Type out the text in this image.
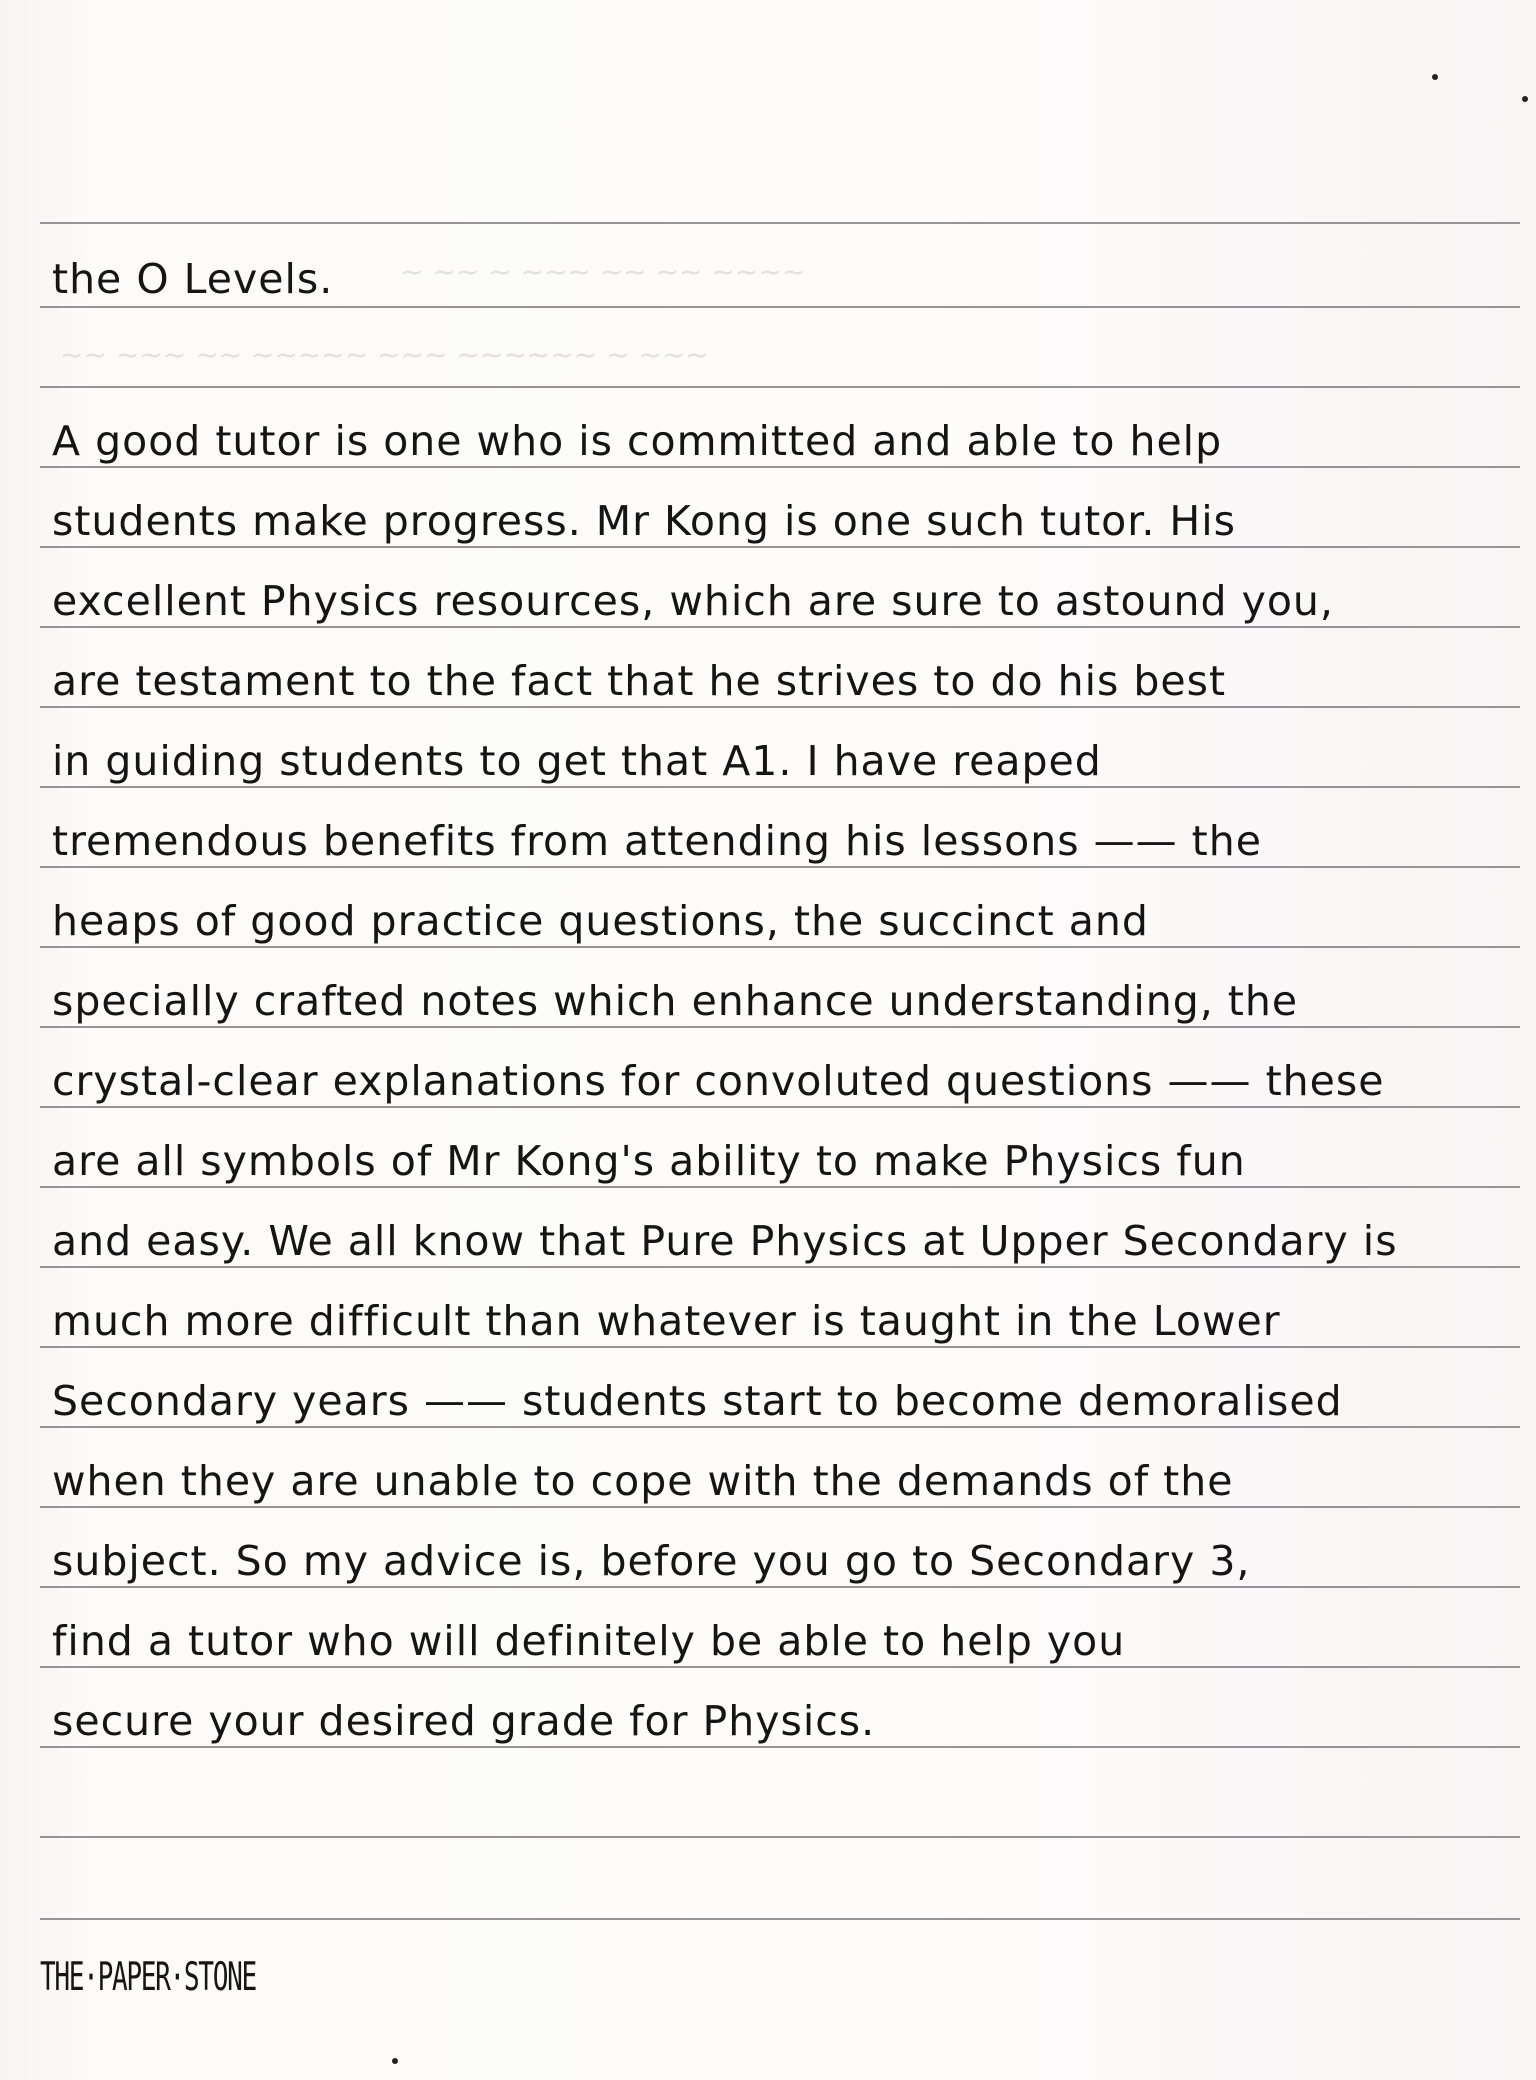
~ ~~ ~ ~~~ ~~ ~~ ~~~~
~~ ~~~ ~~ ~~~~~ ~~~ ~~~~~~ ~ ~~~
the O Levels.
A good tutor is one who is committed and able to help
students make progress. Mr Kong is one such tutor. His
excellent Physics resources, which are sure to astound you,
are testament to the fact that he strives to do his best
in guiding students to get that A1. I have reaped
tremendous benefits from attending his lessons —— the
heaps of good practice questions, the succinct and
specially crafted notes which enhance understanding, the
crystal-clear explanations for convoluted questions —— these
are all symbols of Mr Kong's ability to make Physics fun
and easy. We all know that Pure Physics at Upper Secondary is
much more difficult than whatever is taught in the Lower
Secondary years —— students start to become demoralised
when they are unable to cope with the demands of the
subject. So my advice is, before you go to Secondary 3,
find a tutor who will definitely be able to help you
secure your desired grade for Physics.
THE·PAPER·STONE
